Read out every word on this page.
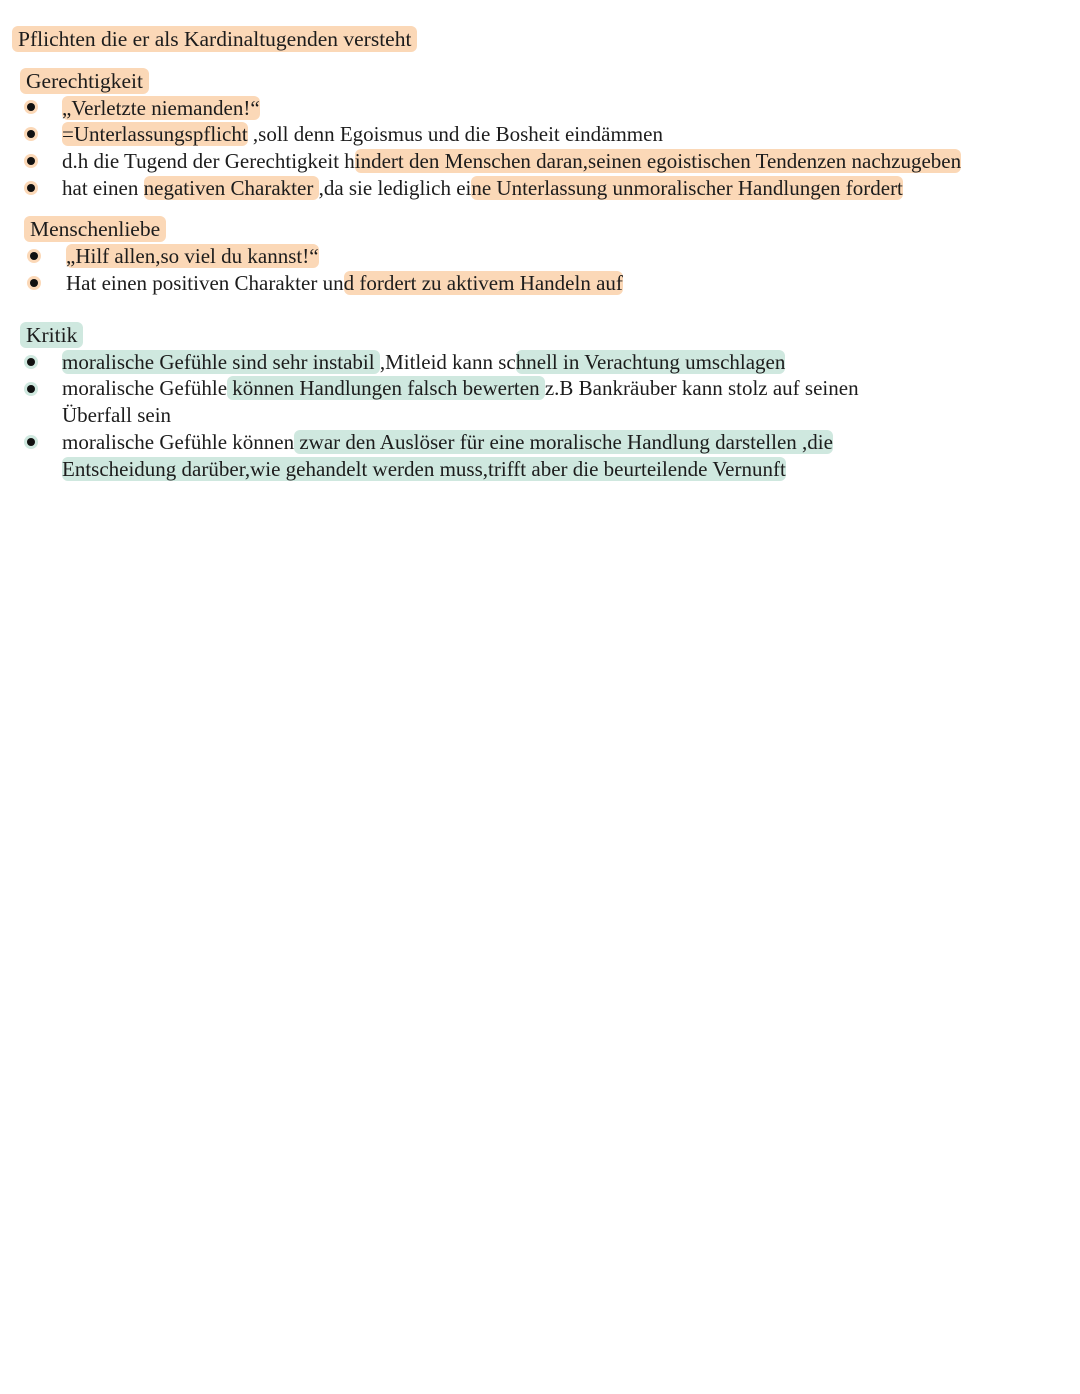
Pflichten die er als Kardinaltugenden versteht
Gerechtigkeit
„Verletzte niemanden!“
=Unterlassungspflicht ,soll denn Egoismus und die Bosheit eindämmen
d.h die Tugend der Gerechtigkeit hindert den Menschen daran,seinen egoistischen Tendenzen nachzugeben
hat einen negativen Charakter ,da sie lediglich eine Unterlassung unmoralischer Handlungen fordert
Menschenliebe
„Hilf allen,so viel du kannst!“
Hat einen positiven Charakter und fordert zu aktivem Handeln auf
Kritik
moralische Gefühle sind sehr instabil ,Mitleid kann schnell in Verachtung umschlagen
moralische Gefühle können Handlungen falsch bewerten z.B Bankräuber kann stolz auf seinen
Überfall sein
moralische Gefühle können zwar den Auslöser für eine moralische Handlung darstellen ,die
Entscheidung darüber,wie gehandelt werden muss,trifft aber die beurteilende Vernunft
